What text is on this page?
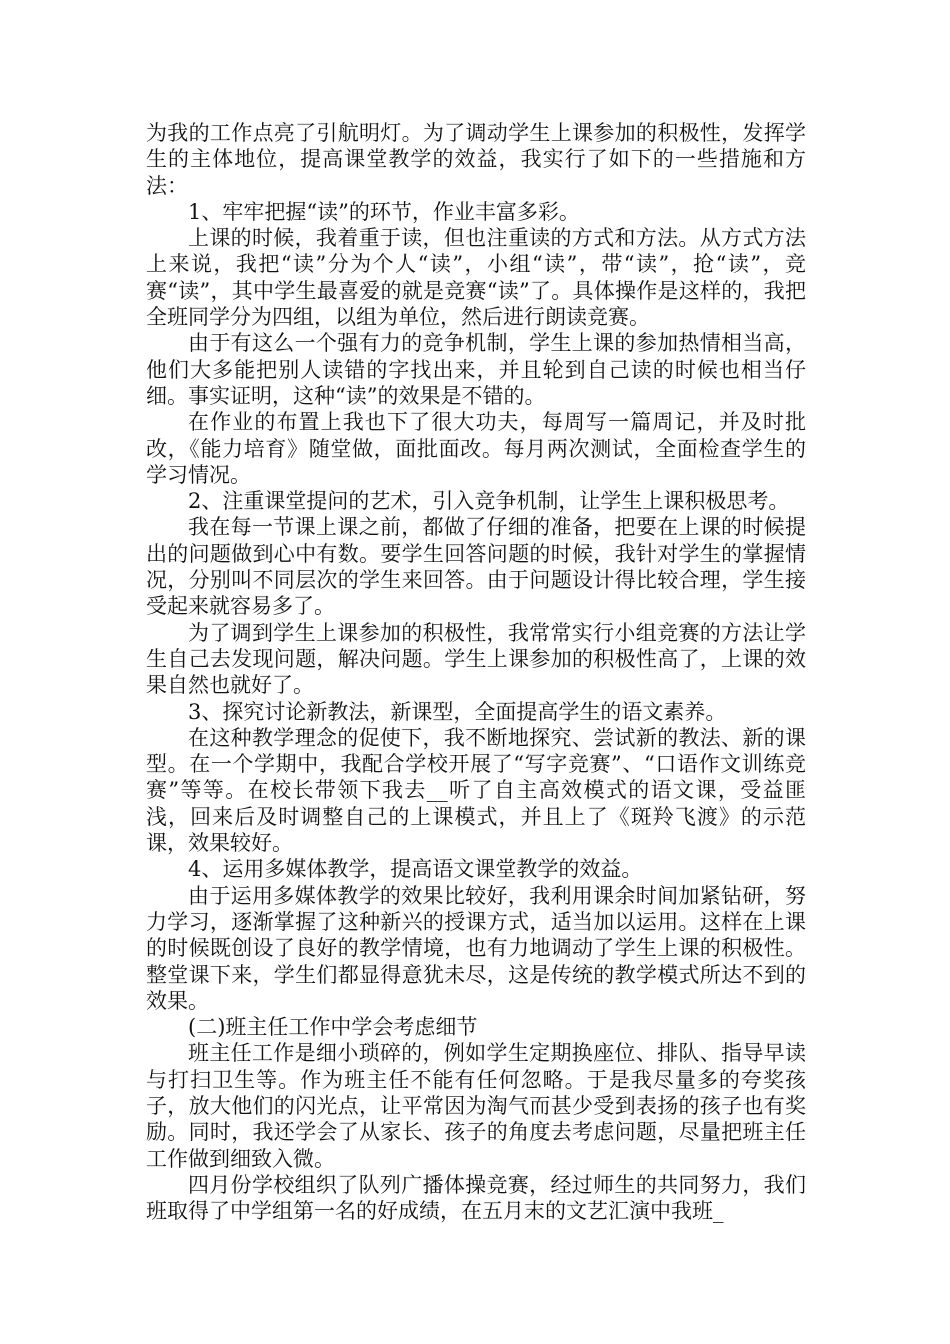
为我的工作点亮了引航明灯。为了调动学生上课参加的积极性，发挥学生的主体地位，提高课堂教学的效益，我实行了如下的一些措施和方法：

1、牢牢把握“读”的环节，作业丰富多彩。

上课的时候，我着重于读，但也注重读的方式和方法。从方式方法上来说，我把“读”分为个人“读”，小组“读”，带“读”，抢“读”，竞赛“读”，其中学生最喜爱的就是竞赛“读”了。具体操作是这样的，我把全班同学分为四组，以组为单位，然后进行朗读竞赛。

由于有这么一个强有力的竞争机制，学生上课的参加热情相当高，他们大多能把别人读错的字找出来，并且轮到自己读的时候也相当仔细。事实证明，这种“读”的效果是不错的。

在作业的布置上我也下了很大功夫，每周写一篇周记，并及时批改，《能力培育》随堂做，面批面改。每月两次测试，全面检查学生的学习情况。

2、注重课堂提问的艺术，引入竞争机制，让学生上课积极思考。

我在每一节课上课之前，都做了仔细的准备，把要在上课的时候提出的问题做到心中有数。要学生回答问题的时候，我针对学生的掌握情况，分别叫不同层次的学生来回答。由于问题设计得比较合理，学生接受起来就容易多了。

为了调到学生上课参加的积极性，我常常实行小组竞赛的方法让学生自己去发现问题，解决问题。学生上课参加的积极性高了，上课的效果自然也就好了。

3、探究讨论新教法，新课型，全面提高学生的语文素养。

在这种教学理念的促使下，我不断地探究、尝试新的教法、新的课型。在一个学期中，我配合学校开展了“写字竞赛”、“口语作文训练竞赛”等等。在校长带领下我去__听了自主高效模式的语文课，受益匪浅，回来后及时调整自己的上课模式，并且上了《斑羚飞渡》的示范课，效果较好。

4、运用多媒体教学，提高语文课堂教学的效益。

由于运用多媒体教学的效果比较好，我利用课余时间加紧钻研，努力学习，逐渐掌握了这种新兴的授课方式，适当加以运用。这样在上课的时候既创设了良好的教学情境，也有力地调动了学生上课的积极性。整堂课下来，学生们都显得意犹未尽，这是传统的教学模式所达不到的效果。

(二)班主任工作中学会考虑细节

班主任工作是细小琐碎的，例如学生定期换座位、排队、指导早读与打扫卫生等。作为班主任不能有任何忽略。于是我尽量多的夸奖孩子，放大他们的闪光点，让平常因为淘气而甚少受到表扬的孩子也有奖励。同时，我还学会了从家长、孩子的角度去考虑问题，尽量把班主任工作做到细致入微。

四月份学校组织了队列广播体操竞赛，经过师生的共同努力，我们班取得了中学组第一名的好成绩，在五月末的文艺汇演中我班_
